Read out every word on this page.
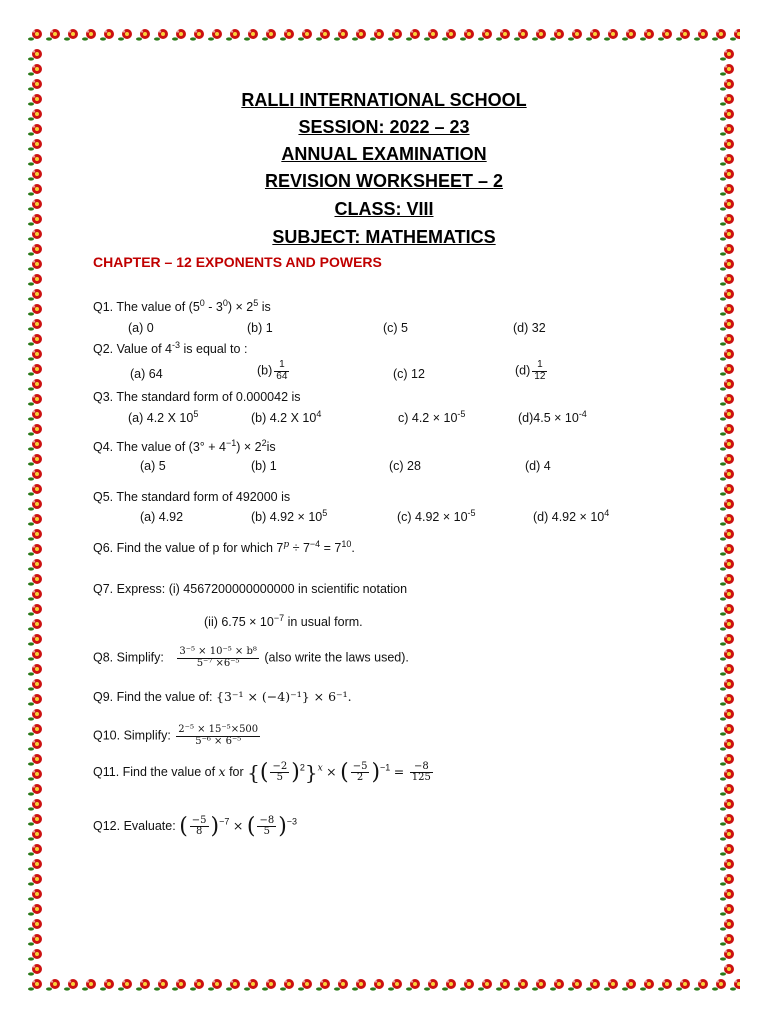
RALLI INTERNATIONAL SCHOOL
SESSION: 2022 – 23
ANNUAL EXAMINATION
REVISION WORKSHEET – 2
CLASS: VIII
SUBJECT: MATHEMATICS
CHAPTER – 12 EXPONENTS AND POWERS
Q1. The value of $(5^0 - 3^0) \times 2^5$ is
(a) 0	(b) 1	(c) 5	(d) 32
Q2. Value of $4^{-3}$ is equal to :
(a) 64	$(b) \frac{1}{64}$	(c) 12	$(d) \frac{1}{12}$
Q3. The standard form of 0.000042 is
(a) 4.2 X $10^5$	(b) 4.2 X $10^4$	c) $4.2 \times 10^{-5}$	$(d)4.5 \times 10^{-4}$
Q4. The value of $(3^\circ + 4^{-1}) \times 2^2is$
(a) 5	(b) 1	(c) 28	(d) 4
Q5. The standard form of 492000 is
(a) 4.92	(b) $4.92 \times 10^5$	(c) $4.92 \times 10^{-5}$	(d) $4.92 \times 10^4$
Q6. Find the value of p for which $7^p \div 7^{-4} = 7^{10}$.
Q7. Express: (i) 4567200000000000 in scientific notation
(ii) $6.75 \times 10^{-7}$ in usual form.
Q8. Simplify: $\frac{\text{3⁻⁵ × 10⁻⁵ × b⁸}}{\text{5⁻⁷ ×6⁻⁵}}$ (also write the laws used).
Q9. Find the value of: {3⁻¹ × (−4)⁻¹} × 6⁻¹.
Q10. Simplify: $\frac{\text{2⁻⁵ × 15⁻⁵×500}}{\text{5⁻⁶ × 6⁻⁵}}$
Q11. Find the value of x for {( $\frac{-2}{5} )^2\}^x$ × ( $\frac{-5}{2} )^{-1} = \frac{-8}{125}$
Q12. Evaluate: ( $\frac{-5}{8} )^{-7}$ × ( $\frac{-8}{5} )^{-3}$
